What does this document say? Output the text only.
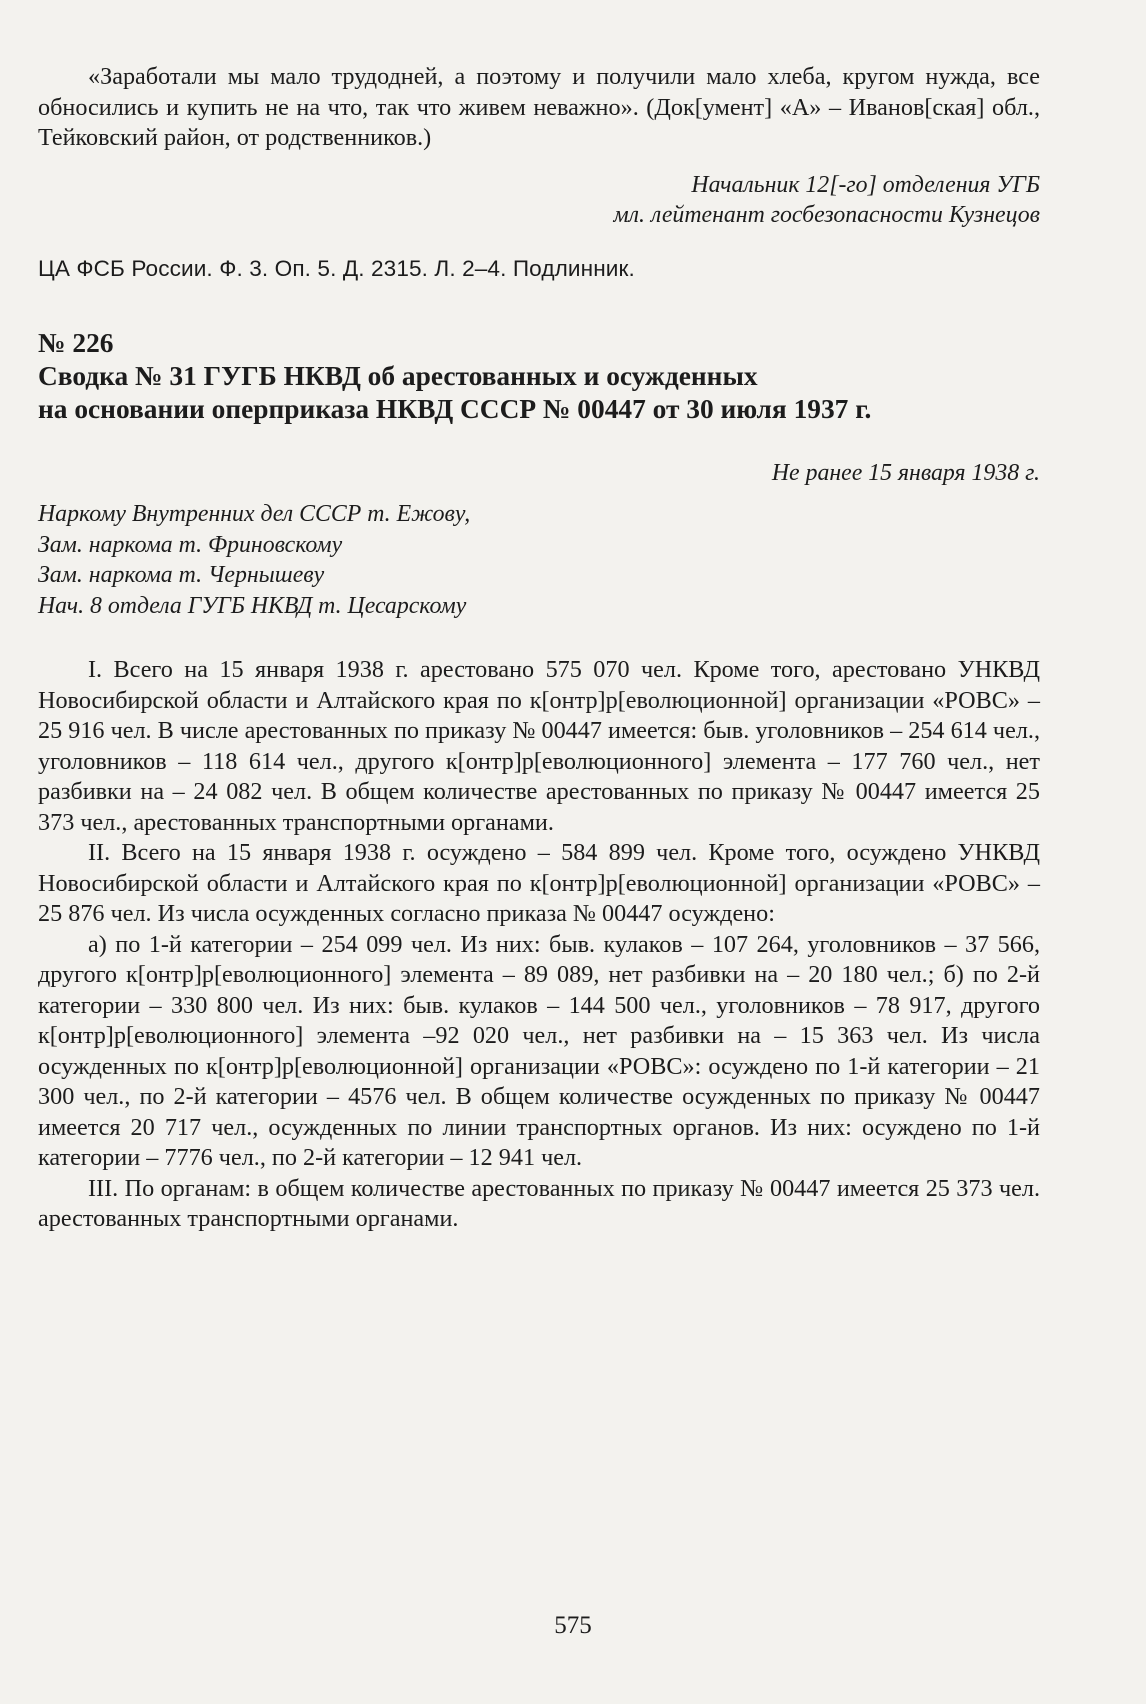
«Заработали мы мало трудодней, а поэтому и получили мало хлеба, кругом нужда, все обносились и купить не на что, так что живем неважно». (Док[умент] «А» – Иванов[ская] обл., Тейковский район, от родственников.)

Начальник 12[-го] отделения УГБ

мл. лейтенант госбезопасности Кузнецов

ЦА ФСБ России. Ф. 3. Оп. 5. Д. 2315. Л. 2–4. Подлинник.

№ 226

Сводка № 31 ГУГБ НКВД об арестованных и осужденных

на основании оперприказа НКВД СССР № 00447 от 30 июля 1937 г.

Не ранее 15 января 1938 г.

Наркому Внутренних дел СССР т. Ежову,

Зам. наркома т. Фриновскому

Зам. наркома т. Чернышеву

Нач. 8 отдела ГУГБ НКВД т. Цесарскому

I. Всего на 15 января 1938 г. арестовано 575 070 чел. Кроме того, арестовано УНКВД Новосибирской области и Алтайского края по к[онтр]р[еволюционной] организации «РОВС» – 25 916 чел. В числе арестованных по приказу № 00447 имеется: быв. уголовников – 254 614 чел., уголовников – 118 614 чел., другого к[онтр]р[еволюционного] элемента – 177 760 чел., нет разбивки на – 24 082 чел. В общем количестве арестованных по приказу № 00447 имеется 25 373 чел., арестованных транспортными органами.

II. Всего на 15 января 1938 г. осуждено – 584 899 чел. Кроме того, осуждено УНКВД Новосибирской области и Алтайского края по к[онтр]р[еволюционной] организации «РОВС» – 25 876 чел. Из числа осужденных согласно приказа № 00447 осуждено:

а) по 1-й категории – 254 099 чел. Из них: быв. кулаков – 107 264, уголовников – 37 566, другого к[онтр]р[еволюционного] элемента – 89 089, нет разбивки на – 20 180 чел.; б) по 2-й категории – 330 800 чел. Из них: быв. кулаков – 144 500 чел., уголовников – 78 917, другого к[онтр]р[еволюционного] элемента –92 020 чел., нет разбивки на – 15 363 чел. Из числа осужденных по к[онтр]р[еволюционной] организации «РОВС»: осуждено по 1-й категории – 21 300 чел., по 2-й категории – 4576 чел. В общем количестве осужденных по приказу № 00447 имеется 20 717 чел., осужденных по линии транспортных органов. Из них: осуждено по 1-й категории – 7776 чел., по 2-й категории – 12 941 чел.

III. По органам: в общем количестве арестованных по приказу № 00447 имеется 25 373 чел. арестованных транспортными органами.

575
